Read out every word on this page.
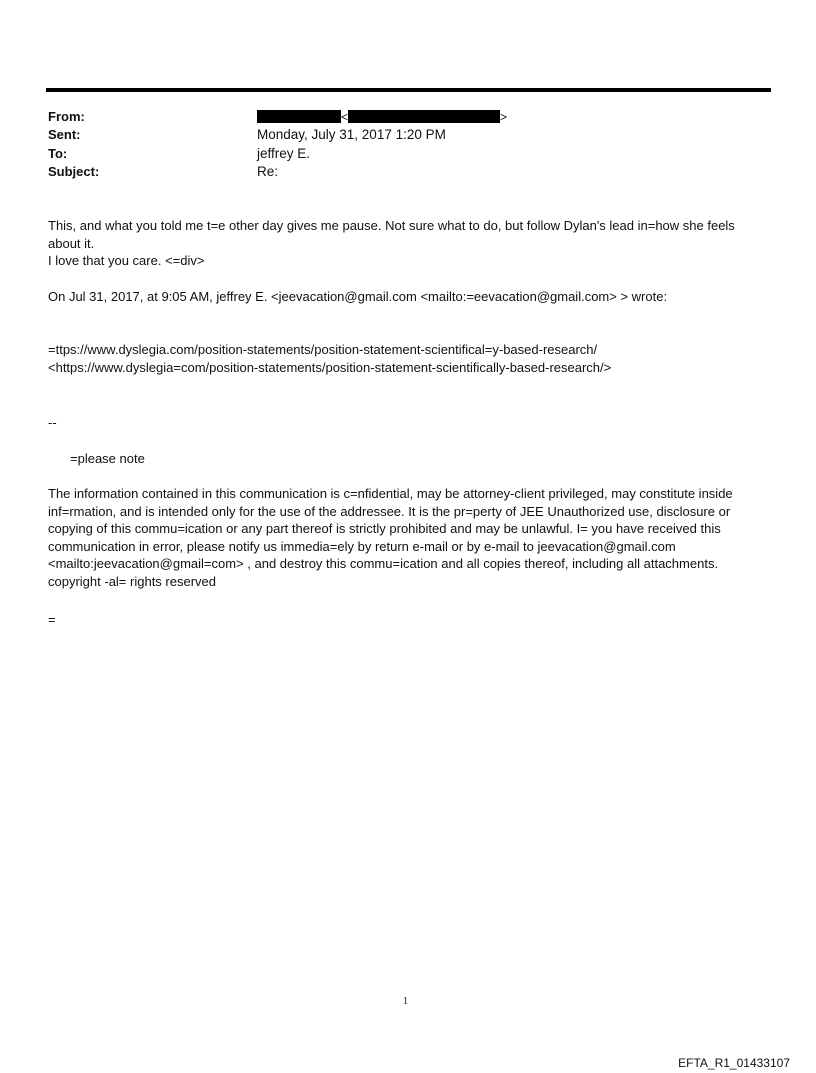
From:
Sent:
To:
Subject:
<	>
Monday, July 31, 2017 1:20 PM
jeffrey E.
Re:
This, and what you told me t=e other day gives me pause. Not sure what to do, but follow Dylan's lead in=how she feels about it.
I love that you care. <=div>
On Jul 31, 2017, at 9:05 AM, jeffrey E. <jeevacation@gmail.com <mailto:=eevacation@gmail.com> > wrote:
=ttps://www.dyslegia.com/position-statements/position-statement-scientifical=y-based-research/
<https://www.dyslegia=com/position-statements/position-statement-scientifically-based-research/>
--
=please note
The information contained in this communication is c=nfidential, may be attorney-client privileged, may constitute inside inf=rmation, and is intended only for the use of the addressee. It is the pr=perty of JEE Unauthorized use, disclosure or copying of this commu=ication or any part thereof is strictly prohibited and may be unlawful. I= you have received this communication in error, please notify us immedia=ely by return e-mail or by e-mail to jeevacation@gmail.com <mailto:jeevacation@gmail=com> , and destroy this commu=ication and all copies thereof, including all attachments. copyright -al= rights reserved
=
1
EFTA_R1_01433107
